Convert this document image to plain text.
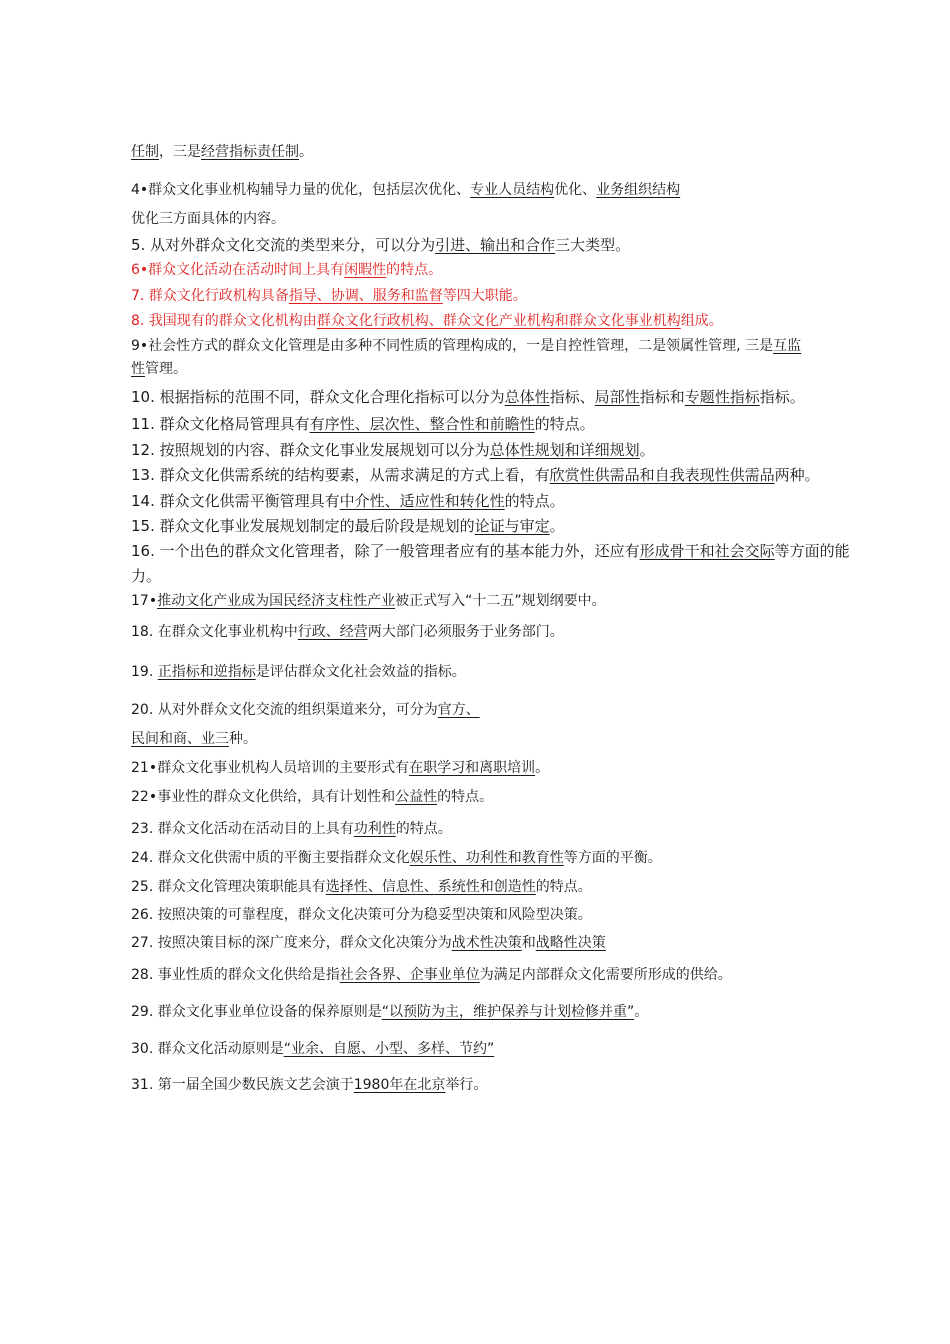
任制，三是经营指标责任制。
4•群众文化事业机构辅导力量的优化，包括层次优化、专业人员结构优化、业务组织结构
优化三方面具体的内容。
5. 从对外群众文化交流的类型来分，可以分为引进、输出和合作三大类型。
6•群众文化活动在活动时间上具有闲暇性的特点。
7. 群众文化行政机构具备指导、协调、服务和监督等四大职能。
8. 我国现有的群众文化机构由群众文化行政机构、群众文化产业机构和群众文化事业机构组成。
9•社会性方式的群众文化管理是由多种不同性质的管理构成的，一是自控性管理，二是领属性管理, 三是互监
性管理。
10. 根据指标的范围不同，群众文化合理化指标可以分为总体性指标、局部性指标和专题性指标指标。
11. 群众文化格局管理具有有序性、层次性、整合性和前瞻性的特点。
12. 按照规划的内容、群众文化事业发展规划可以分为总体性规划和详细规划。
13. 群众文化供需系统的结构要素，从需求满足的方式上看，有欣赏性供需品和自我表现性供需品两种。
14. 群众文化供需平衡管理具有中介性、适应性和转化性的特点。
15. 群众文化事业发展规划制定的最后阶段是规划的论证与审定。
16. 一个出色的群众文化管理者，除了一般管理者应有的基本能力外，还应有形成骨干和社会交际等方面的能
力。
17•推动文化产业成为国民经济支柱性产业被正式写入“十二五”规划纲要中。
18. 在群众文化事业机构中行政、经营两大部门必须服务于业务部门。
19. 正指标和逆指标是评估群众文化社会效益的指标。
20. 从对外群众文化交流的组织渠道来分，可分为官方、
民间和商、业三种。
21•群众文化事业机构人员培训的主要形式有在职学习和离职培训。
22•事业性的群众文化供给，具有计划性和公益性的特点。
23. 群众文化活动在活动目的上具有功利性的特点。
24. 群众文化供需中质的平衡主要指群众文化娱乐性、功利性和教育性等方面的平衡。
25. 群众文化管理决策职能具有选择性、信息性、系统性和创造性的特点。
26. 按照决策的可靠程度，群众文化决策可分为稳妥型决策和风险型决策。
27. 按照决策目标的深广度来分，群众文化决策分为战术性决策和战略性决策
28. 事业性质的群众文化供给是指社会各界、企事业单位为满足内部群众文化需要所形成的供给。
29. 群众文化事业单位设备的保养原则是“以预防为主，维护保养与计划检修并重”。
30. 群众文化活动原则是“业余、自愿、小型、多样、节约”
31. 第一届全国少数民族文艺会演于1980年在北京举行。
